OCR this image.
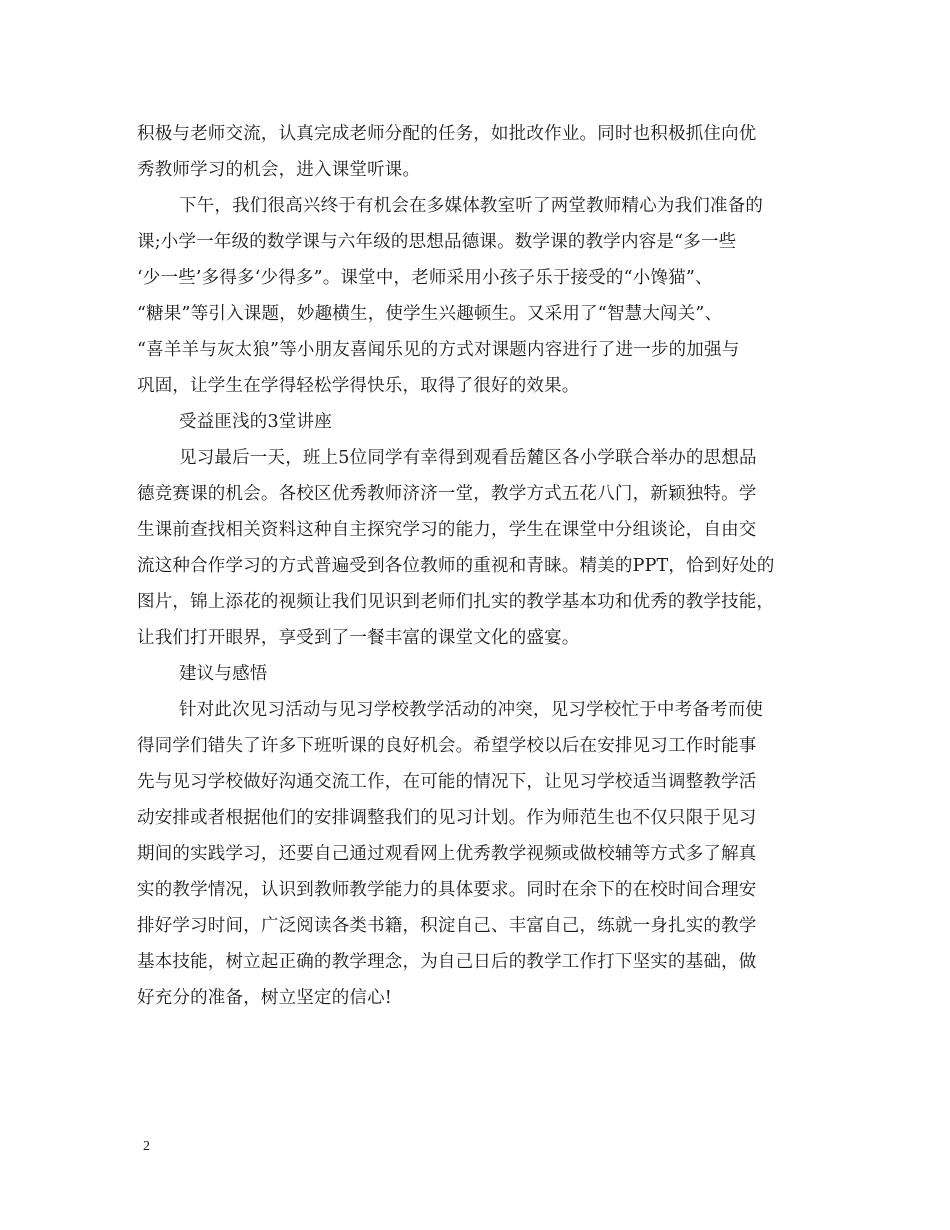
积极与老师交流，认真完成老师分配的任务，如批改作业。同时也积极抓住向优
秀教师学习的机会，进入课堂听课。
下午，我们很高兴终于有机会在多媒体教室听了两堂教师精心为我们准备的
课;小学一年级的数学课与六年级的思想品德课。数学课的教学内容是“多一些
‘少一些’多得多‘少得多”。课堂中，老师采用小孩子乐于接受的“小馋猫”、
“糖果”等引入课题，妙趣横生，使学生兴趣顿生。又采用了“智慧大闯关”、
“喜羊羊与灰太狼”等小朋友喜闻乐见的方式对课题内容进行了进一步的加强与
巩固，让学生在学得轻松学得快乐，取得了很好的效果。
受益匪浅的3堂讲座
见习最后一天，班上5位同学有幸得到观看岳麓区各小学联合举办的思想品
德竞赛课的机会。各校区优秀教师济济一堂，教学方式五花八门，新颖独特。学
生课前查找相关资料这种自主探究学习的能力，学生在课堂中分组谈论，自由交
流这种合作学习的方式普遍受到各位教师的重视和青睐。精美的PPT，恰到好处的
图片，锦上添花的视频让我们见识到老师们扎实的教学基本功和优秀的教学技能，
让我们打开眼界，享受到了一餐丰富的课堂文化的盛宴。
建议与感悟
针对此次见习活动与见习学校教学活动的冲突，见习学校忙于中考备考而使
得同学们错失了许多下班听课的良好机会。希望学校以后在安排见习工作时能事
先与见习学校做好沟通交流工作，在可能的情况下，让见习学校适当调整教学活
动安排或者根据他们的安排调整我们的见习计划。作为师范生也不仅只限于见习
期间的实践学习，还要自己通过观看网上优秀教学视频或做校辅等方式多了解真
实的教学情况，认识到教师教学能力的具体要求。同时在余下的在校时间合理安
排好学习时间，广泛阅读各类书籍，积淀自己、丰富自己，练就一身扎实的教学
基本技能，树立起正确的教学理念，为自己日后的教学工作打下坚实的基础，做
好充分的准备，树立坚定的信心!
2
